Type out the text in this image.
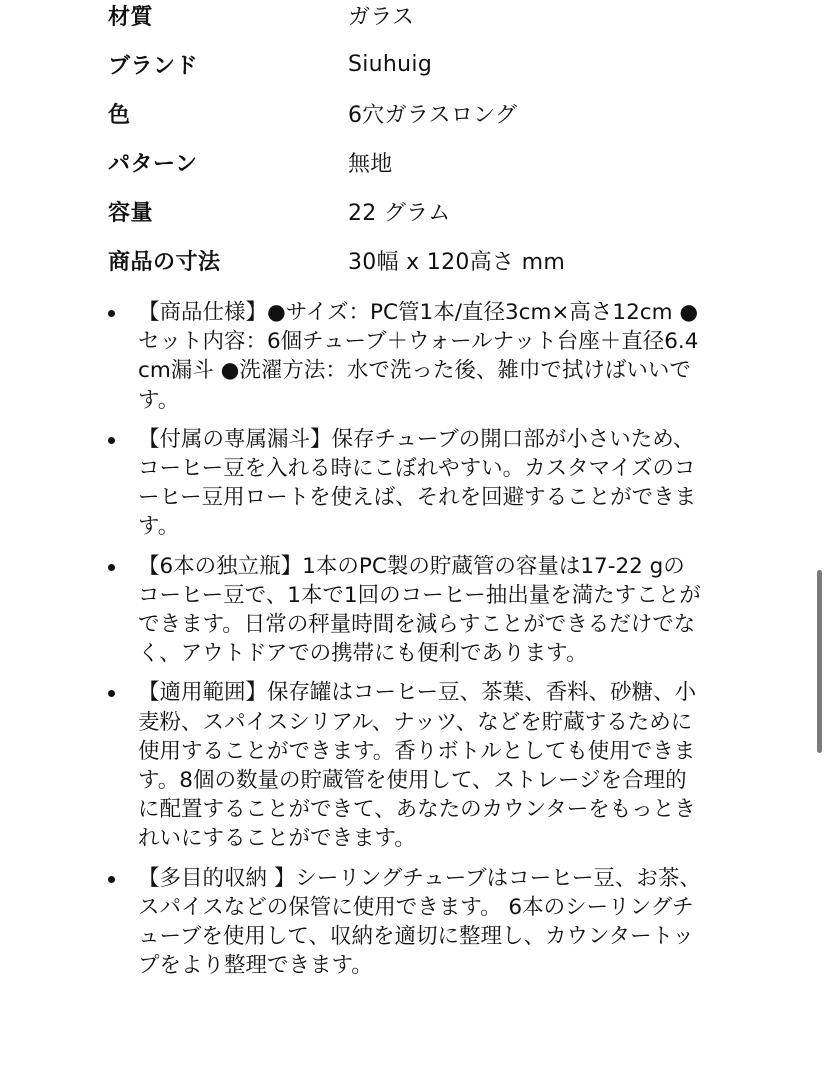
材質	ガラス
ブランド	Siuhuig
色	6穴ガラスロング
パターン	無地
容量	22 グラム
商品の寸法	30幅 x 120高さ mm
【商品仕様】●サイズ：PC管1本/直径3cm×高さ12cm ●セット内容：6個チューブ＋ウォールナット台座＋直径6.4cm漏斗 ●洗濯方法：水で洗った後、雑巾で拭けばいいです。
【付属の専属漏斗】保存チューブの開口部が小さいため、コーヒー豆を入れる時にこぼれやすい。カスタマイズのコーヒー豆用ロートを使えば、それを回避することができます。
【6本の独立瓶】1本のPC製の貯蔵管の容量は17-22 gのコーヒー豆で、1本で1回のコーヒー抽出量を満たすことができます。日常の秤量時間を減らすことができるだけでなく、アウトドアでの携帯にも便利であります。
【適用範囲】保存罐はコーヒー豆、茶葉、香料、砂糖、小麦粉、スパイスシリアル、ナッツ、などを貯蔵するために使用することができます。香りボトルとしても使用できます。8個の数量の貯蔵管を使用して、ストレージを合理的に配置することができて、あなたのカウンターをもっときれいにすることができます。
【多目的収納 】シーリングチューブはコーヒー豆、お茶、スパイスなどの保管に使用できます。 6本のシーリングチューブを使用して、収納を適切に整理し、カウンタートップをより整理できます。
